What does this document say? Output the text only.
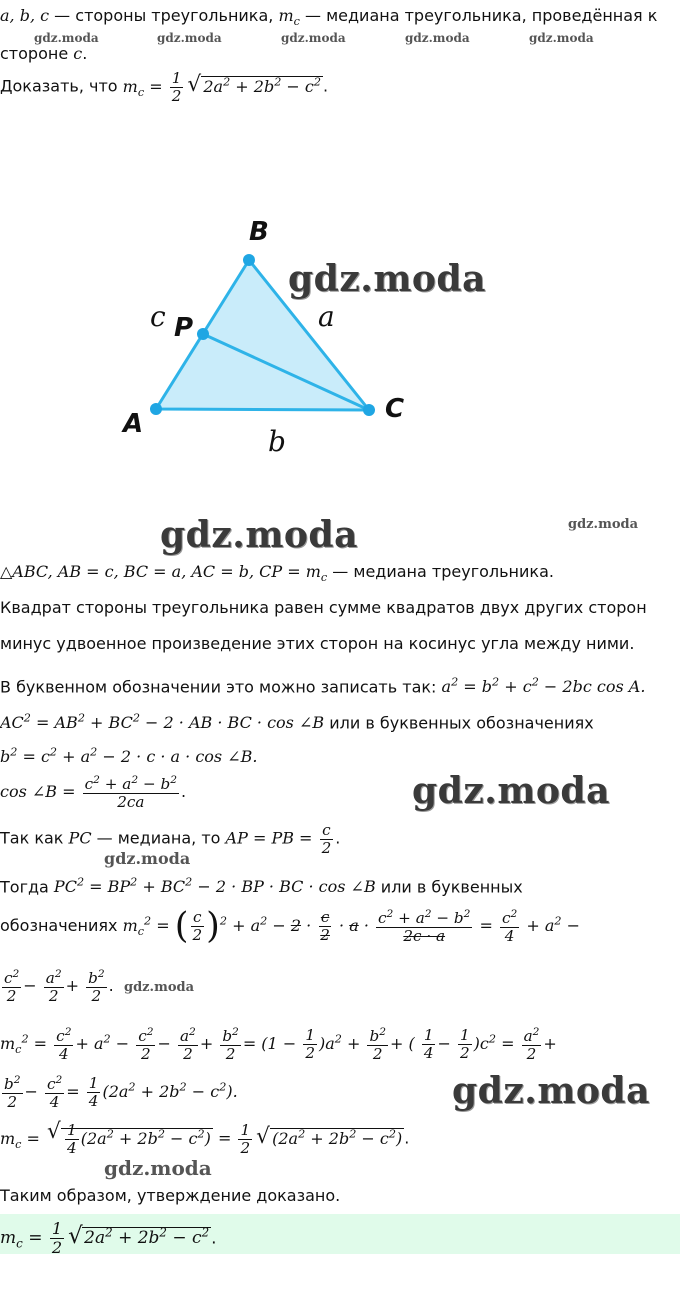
a, b, c — стороны треугольника, $m_c$ — медиана треугольника, проведённая к
gdz.moda	gdz.moda	gdz.moda	gdz.moda	gdz.moda
стороне c.
Доказать, что $m_c = \frac{1}{2}$ √ $2a^2 + 2b^2 - c^2$ .
B
A	C
P
c	a
b
gdz.moda
gdz.moda	gdz.moda
△ABC, AB = c, BC = a, AC = b, CP = $m_c$ — медиана треугольника.
Квадрат стороны треугольника равен сумме квадратов двух других сторон
минус удвоенное произведение этих сторон на косинус угла между ними.
В буквенном обозначении это можно записать так: $a^2 = b^2 + c^2 - 2bc$ cos A.
$AC^2 = AB^2 + BC^2 - 2$ · AB · BC · cos ∠B или в буквенных обозначениях
$b^2 = c^2 + a^2 - 2 \cdot c \cdot a \cdot \cos$ ∠B.
cos ∠B = $\frac{c^2 + a^2 - b^2}{2ca}$ .	gdz.moda
Так как PC — медиана, то AP = PB = $\frac{c}{2}$ .
gdz.moda
Тогда $PC^2 = BP^2 + BC^2 - 2$ · BP · BC · cos ∠B или в буквенных
обозначениях $m_c^2$ = ( $\frac{c}{2} )^2 + a^2 - 2 \cdot \frac{c}{2} \cdot a \cdot \frac{c^2 + a^2 - b^2}{2c \cdot a} = \frac{c^2}{4} + a^2$ −
$\frac{c^2}{2} - \frac{a^2}{2} + \frac{b^2}{2}$ . gdz.moda
$m_c^2 = \frac{c^2}{4} + a^2 - \frac{c^2}{2} - \frac{a^2}{2} + \frac{b^2}{2} = (1 - \frac{1}{2} )a^2 + \frac{b^2}{2}$ + ( $\frac{1}{4} - \frac{1}{2} )c^2 = \frac{a^2}{2}$ +
$\frac{b^2}{2} - \frac{c^2}{4} = \frac{1}{4} (2a^2 + 2b^2 - c^2)$.	gdz.moda
$m_c$ = √ $\frac{1}{4} (2a^2 + 2b^2 - c^2) = \frac{1}{2}$ √ $(2a^2 + 2b^2 - c^2)$ .
gdz.moda
Таким образом, утверждение доказано.
$m_c = \frac{1}{2}$ √ $2a^2 + 2b^2 - c^2$ .
